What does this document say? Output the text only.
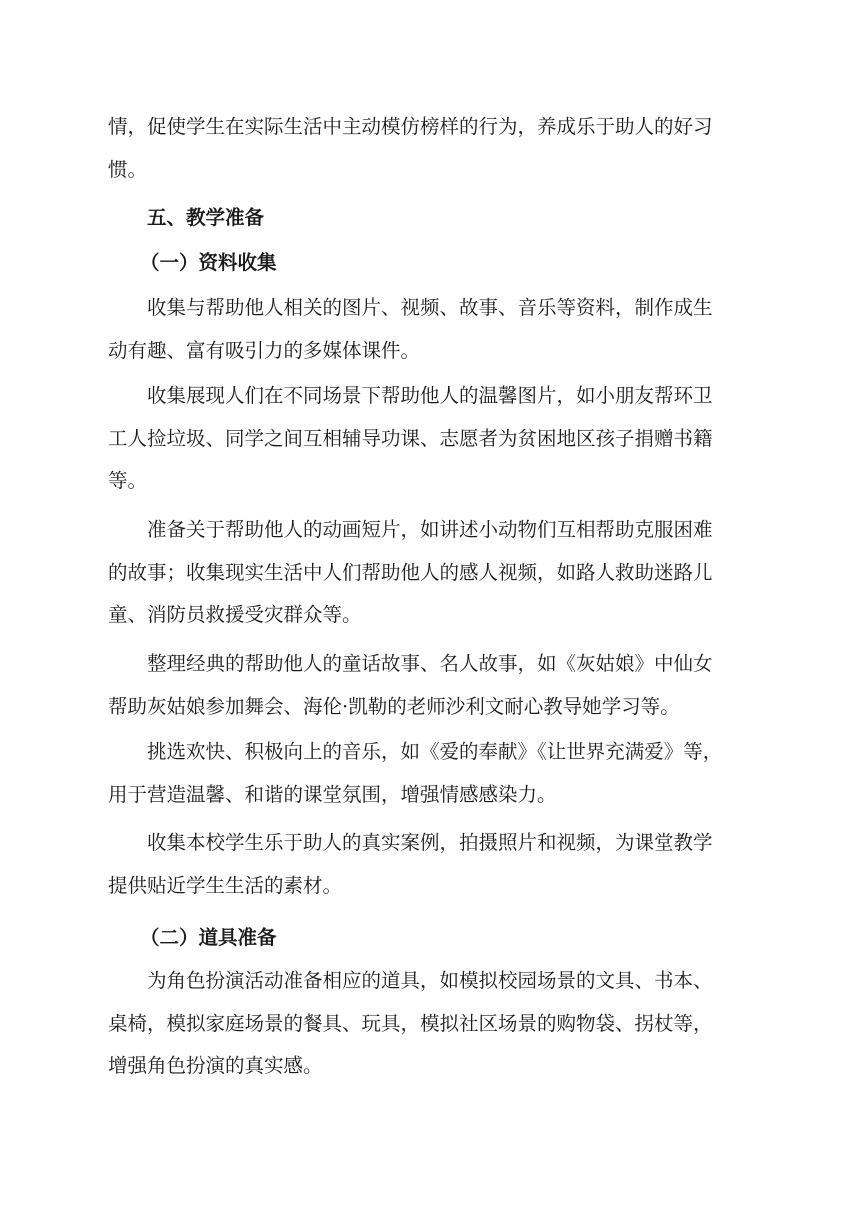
情，促使学生在实际生活中主动模仿榜样的行为，养成乐于助人的好习
惯。
五、教学准备
（一）资料收集
收集与帮助他人相关的图片、视频、故事、音乐等资料，制作成生
动有趣、富有吸引力的多媒体课件。
收集展现人们在不同场景下帮助他人的温馨图片，如小朋友帮环卫
工人捡垃圾、同学之间互相辅导功课、志愿者为贫困地区孩子捐赠书籍
等。
准备关于帮助他人的动画短片，如讲述小动物们互相帮助克服困难
的故事；收集现实生活中人们帮助他人的感人视频，如路人救助迷路儿
童、消防员救援受灾群众等。
整理经典的帮助他人的童话故事、名人故事，如《灰姑娘》中仙女
帮助灰姑娘参加舞会、海伦·凯勒的老师沙利文耐心教导她学习等。
挑选欢快、积极向上的音乐，如《爱的奉献》《让世界充满爱》等，
用于营造温馨、和谐的课堂氛围，增强情感感染力。
收集本校学生乐于助人的真实案例，拍摄照片和视频，为课堂教学
提供贴近学生生活的素材。
（二）道具准备
为角色扮演活动准备相应的道具，如模拟校园场景的文具、书本、
桌椅，模拟家庭场景的餐具、玩具，模拟社区场景的购物袋、拐杖等，
增强角色扮演的真实感。
